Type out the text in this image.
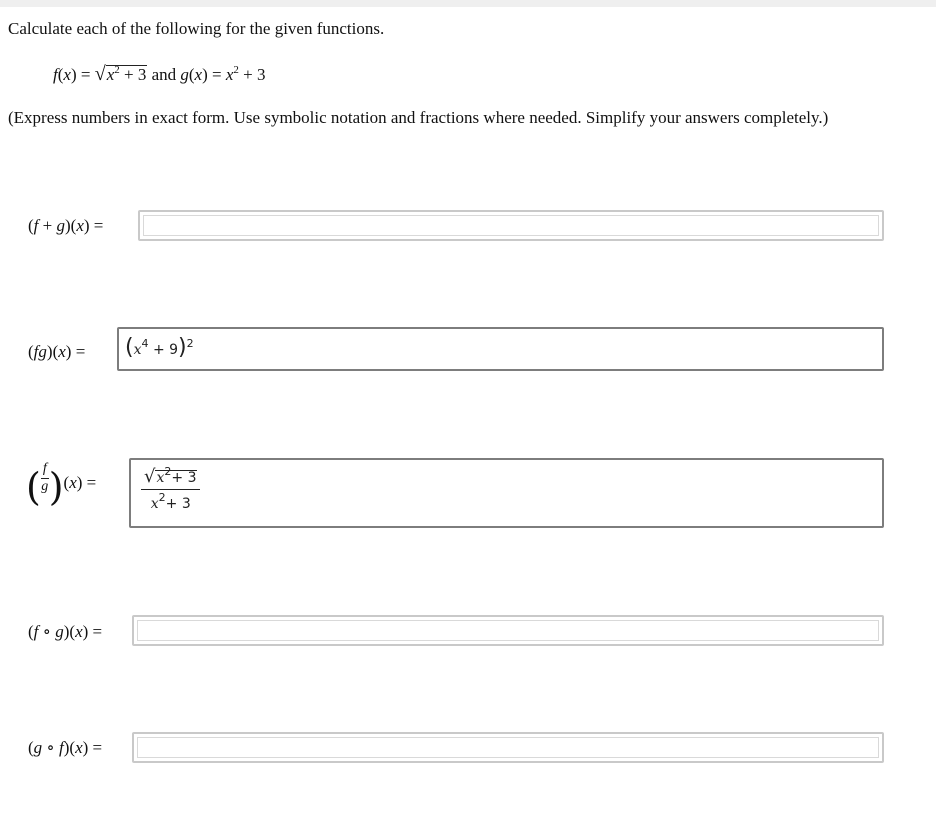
Calculate each of the following for the given functions.
$f(x) = √x^2 + 3$ and $g(x) = x^2 + 3$
(Express numbers in exact form. Use symbolic notation and fractions where needed. Simplify your answers completely.)
(f + g)(x) =
$(fg)(x) = (x^4 + 9)^2$
( $\frac{f}{g} )(x)$ =	$√x^2+ 3$
$x^2+ 3$
(f ∘ g)(x) =
(g ∘ f)(x) =
